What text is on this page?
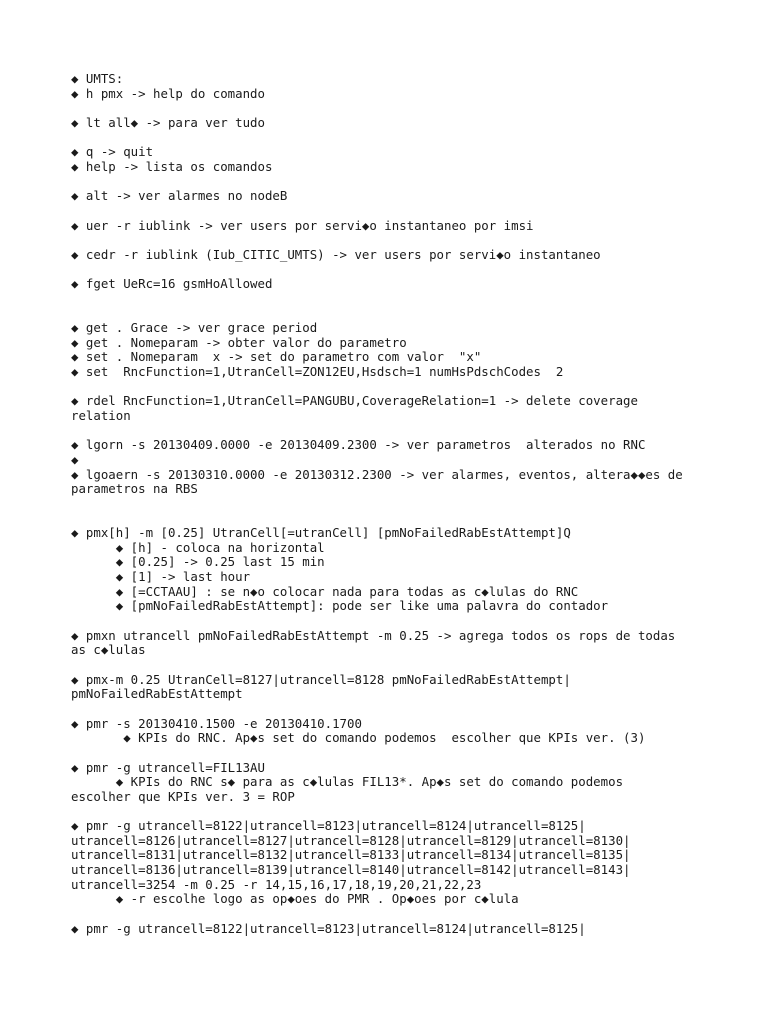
◆ UMTS:
◆ h pmx -> help do comando
◆ lt all◆ -> para ver tudo
◆ q -> quit
◆ help -> lista os comandos
◆ alt -> ver alarmes no nodeB
◆ uer -r iublink -> ver users por servi◆o instantaneo por imsi
◆ cedr -r iublink (Iub_CITIC_UMTS) -> ver users por servi◆o instantaneo
◆ fget UeRc=16 gsmHoAllowed
◆ get . Grace -> ver grace period
◆ get . Nomeparam -> obter valor do parametro
◆ set . Nomeparam  x -> set do parametro com valor  "x"
◆ set  RncFunction=1,UtranCell=ZON12EU,Hsdsch=1 numHsPdschCodes  2
◆ rdel RncFunction=1,UtranCell=PANGUBU,CoverageRelation=1 -> delete coverage
relation
◆ lgorn -s 20130409.0000 -e 20130409.2300 -> ver parametros  alterados no RNC
◆
◆ lgoaern -s 20130310.0000 -e 20130312.2300 -> ver alarmes, eventos, altera◆◆es de
parametros na RBS
◆ pmx[h] -m [0.25] UtranCell[=utranCell] [pmNoFailedRabEstAttempt]Q
◆ [h] - coloca na horizontal
◆ [0.25] -> 0.25 last 15 min
◆ [1] -> last hour
◆ [=CCTAAU] : se n◆o colocar nada para todas as c◆lulas do RNC
◆ [pmNoFailedRabEstAttempt]: pode ser like uma palavra do contador
◆ pmxn utrancell pmNoFailedRabEstAttempt -m 0.25 -> agrega todos os rops de todas
as c◆lulas
◆ pmx-m 0.25 UtranCell=8127|utrancell=8128 pmNoFailedRabEstAttempt|
pmNoFailedRabEstAttempt
◆ pmr -s 20130410.1500 -e 20130410.1700
◆ KPIs do RNC. Ap◆s set do comando podemos  escolher que KPIs ver. (3)
◆ pmr -g utrancell=FIL13AU
◆ KPIs do RNC s◆ para as c◆lulas FIL13*. Ap◆s set do comando podemos
escolher que KPIs ver. 3 = ROP
◆ pmr -g utrancell=8122|utrancell=8123|utrancell=8124|utrancell=8125|
utrancell=8126|utrancell=8127|utrancell=8128|utrancell=8129|utrancell=8130|
utrancell=8131|utrancell=8132|utrancell=8133|utrancell=8134|utrancell=8135|
utrancell=8136|utrancell=8139|utrancell=8140|utrancell=8142|utrancell=8143|
utrancell=3254 -m 0.25 -r 14,15,16,17,18,19,20,21,22,23
◆ -r escolhe logo as op◆oes do PMR . Op◆oes por c◆lula
◆ pmr -g utrancell=8122|utrancell=8123|utrancell=8124|utrancell=8125|
